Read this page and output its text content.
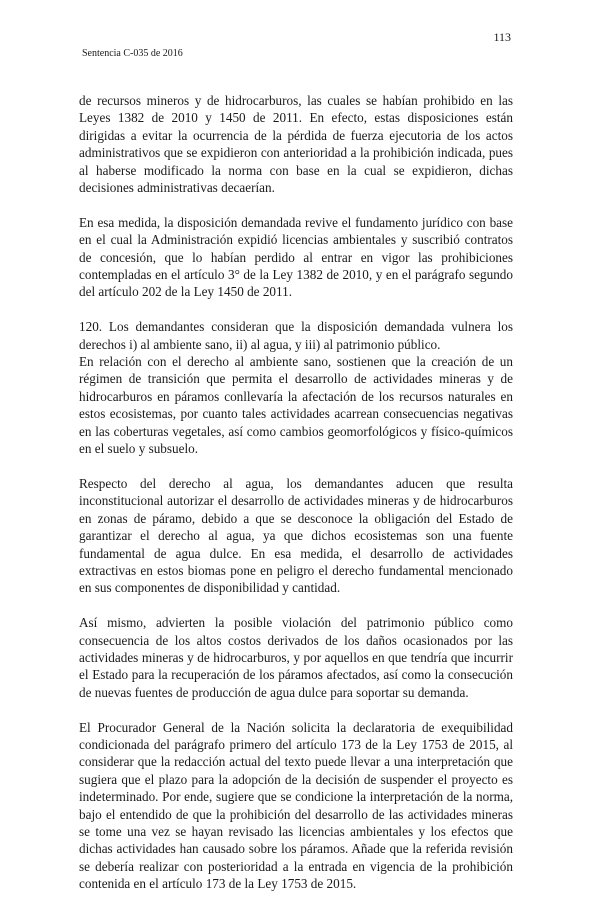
113
Sentencia C-035 de 2016

de recursos mineros y de hidrocarburos, las cuales se habían prohibido en las Leyes 1382 de 2010 y 1450 de 2011. En efecto, estas disposiciones están dirigidas a evitar la ocurrencia de la pérdida de fuerza ejecutoria de los actos administrativos que se expidieron con anterioridad a la prohibición indicada, pues al haberse modificado la norma con base en la cual se expidieron, dichas decisiones administrativas decaerían.

En esa medida, la disposición demandada revive el fundamento jurídico con base en el cual la Administración expidió licencias ambientales y suscribió contratos de concesión, que lo habían perdido al entrar en vigor las prohibiciones contempladas en el artículo 3° de la Ley 1382 de 2010, y en el parágrafo segundo del artículo 202 de la Ley 1450 de 2011.

120. Los demandantes consideran que la disposición demandada vulnera los derechos i) al ambiente sano, ii) al agua, y iii) al patrimonio público.

En relación con el derecho al ambiente sano, sostienen que la creación de un régimen de transición que permita el desarrollo de actividades mineras y de hidrocarburos en páramos conllevaría la afectación de los recursos naturales en estos ecosistemas, por cuanto tales actividades acarrean consecuencias negativas en las coberturas vegetales, así como cambios geomorfológicos y físico-químicos en el suelo y subsuelo.

Respecto del derecho al agua, los demandantes aducen que resulta inconstitucional autorizar el desarrollo de actividades mineras y de hidrocarburos en zonas de páramo, debido a que se desconoce la obligación del Estado de garantizar el derecho al agua, ya que dichos ecosistemas son una fuente fundamental de agua dulce. En esa medida, el desarrollo de actividades extractivas en estos biomas pone en peligro el derecho fundamental mencionado en sus componentes de disponibilidad y cantidad.

Así mismo, advierten la posible violación del patrimonio público como consecuencia de los altos costos derivados de los daños ocasionados por las actividades mineras y de hidrocarburos, y por aquellos en que tendría que incurrir el Estado para la recuperación de los páramos afectados, así como la consecución de nuevas fuentes de producción de agua dulce para soportar su demanda.

El Procurador General de la Nación solicita la declaratoria de exequibilidad condicionada del parágrafo primero del artículo 173 de la Ley 1753 de 2015, al considerar que la redacción actual del texto puede llevar a una interpretación que sugiera que el plazo para la adopción de la decisión de suspender el proyecto es indeterminado. Por ende, sugiere que se condicione la interpretación de la norma, bajo el entendido de que la prohibición del desarrollo de las actividades mineras se tome una vez se hayan revisado las licencias ambientales y los efectos que dichas actividades han causado sobre los páramos. Añade que la referida revisión se debería realizar con posterioridad a la entrada en vigencia de la prohibición contenida en el artículo 173 de la Ley 1753 de 2015.
